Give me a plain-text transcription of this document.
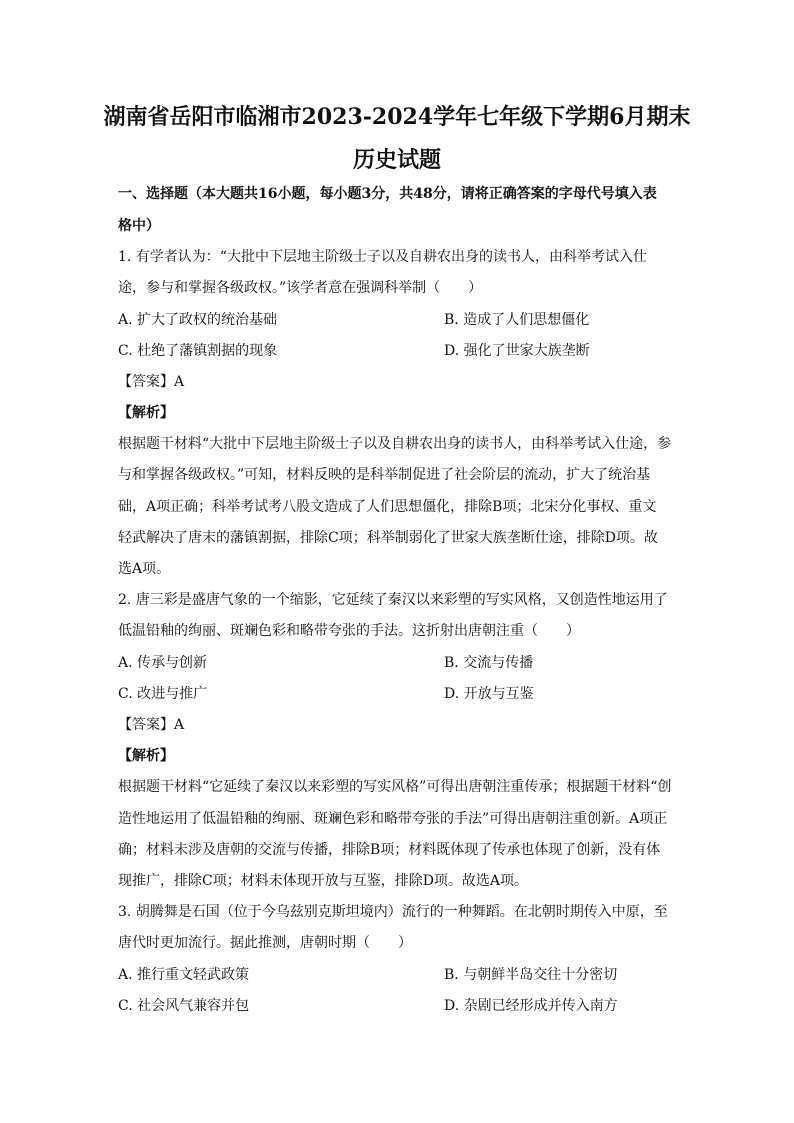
湖南省岳阳市临湘市2023-2024学年七年级下学期6月期末
历史试题
一、选择题（本大题共16小题，每小题3分，共48分，请将正确答案的字母代号填入表
格中）
1. 有学者认为：“大批中下层地主阶级士子以及自耕农出身的读书人，由科举考试入仕
途，参与和掌握各级政权。”该学者意在强调科举制（　　）
A. 扩大了政权的统治基础	B. 造成了人们思想僵化
C. 杜绝了藩镇割据的现象	D. 强化了世家大族垄断
【答案】A
【解析】
根据题干材料“大批中下层地主阶级士子以及自耕农出身的读书人，由科举考试入仕途，参
与和掌握各级政权。”可知，材料反映的是科举制促进了社会阶层的流动，扩大了统治基
础，A项正确；科举考试考八股文造成了人们思想僵化，排除B项；北宋分化事权、重文
轻武解决了唐末的藩镇割据，排除C项；科举制弱化了世家大族垄断仕途，排除D项。故
选A项。
2. 唐三彩是盛唐气象的一个缩影，它延续了秦汉以来彩塑的写实风格，又创造性地运用了
低温铅釉的绚丽、斑斓色彩和略带夸张的手法。这折射出唐朝注重（　　）
A. 传承与创新	B. 交流与传播
C. 改进与推广	D. 开放与互鉴
【答案】A
【解析】
根据题干材料“它延续了秦汉以来彩塑的写实风格”可得出唐朝注重传承；根据题干材料“创
造性地运用了低温铅釉的绚丽、斑斓色彩和略带夸张的手法”可得出唐朝注重创新。A项正
确；材料未涉及唐朝的交流与传播，排除B项；材料既体现了传承也体现了创新，没有体
现推广，排除C项；材料未体现开放与互鉴，排除D项。故选A项。
3. 胡腾舞是石国（位于今乌兹别克斯坦境内）流行的一种舞蹈。在北朝时期传入中原，至
唐代时更加流行。据此推测，唐朝时期（　　）
A. 推行重文轻武政策	B. 与朝鲜半岛交往十分密切
C. 社会风气兼容并包	D. 杂剧已经形成并传入南方
